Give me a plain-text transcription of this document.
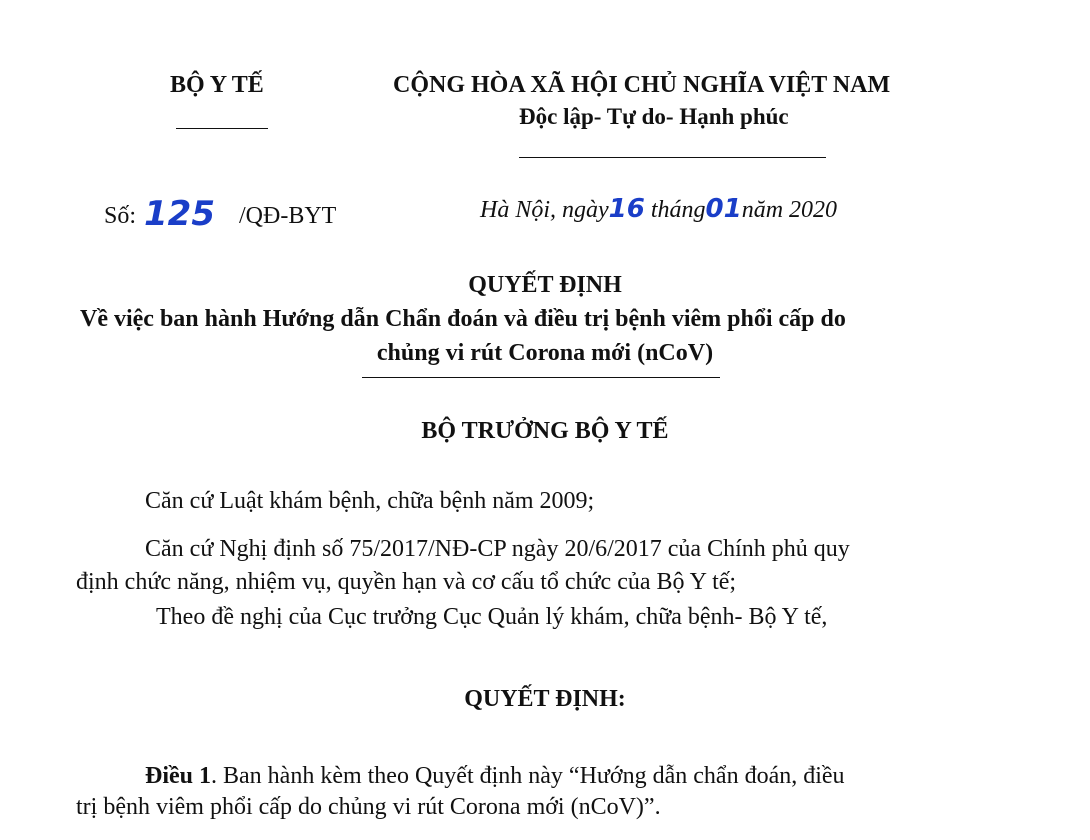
BỘ Y TẾ	CỘNG HÒA XÃ HỘI CHỦ NGHĨA VIỆT NAM
Độc lập- Tự do- Hạnh phúc
Số: 125 /QĐ-BYT	Hà Nội, ngày16 tháng01năm 2020
QUYẾT ĐỊNH
Về việc ban hành Hướng dẫn Chẩn đoán và điều trị bệnh viêm phổi cấp do
chủng vi rút Corona mới (nCoV)
BỘ TRƯỞNG BỘ Y TẾ
Căn cứ Luật khám bệnh, chữa bệnh năm 2009;
Căn cứ Nghị định số 75/2017/NĐ-CP ngày 20/6/2017 của Chính phủ quy
định chức năng, nhiệm vụ, quyền hạn và cơ cấu tổ chức của Bộ Y tế;
Theo đề nghị của Cục trưởng Cục Quản lý khám, chữa bệnh- Bộ Y tế,
QUYẾT ĐỊNH:
Điều 1. Ban hành kèm theo Quyết định này “Hướng dẫn chẩn đoán, điều
trị bệnh viêm phổi cấp do chủng vi rút Corona mới (nCoV)”.
